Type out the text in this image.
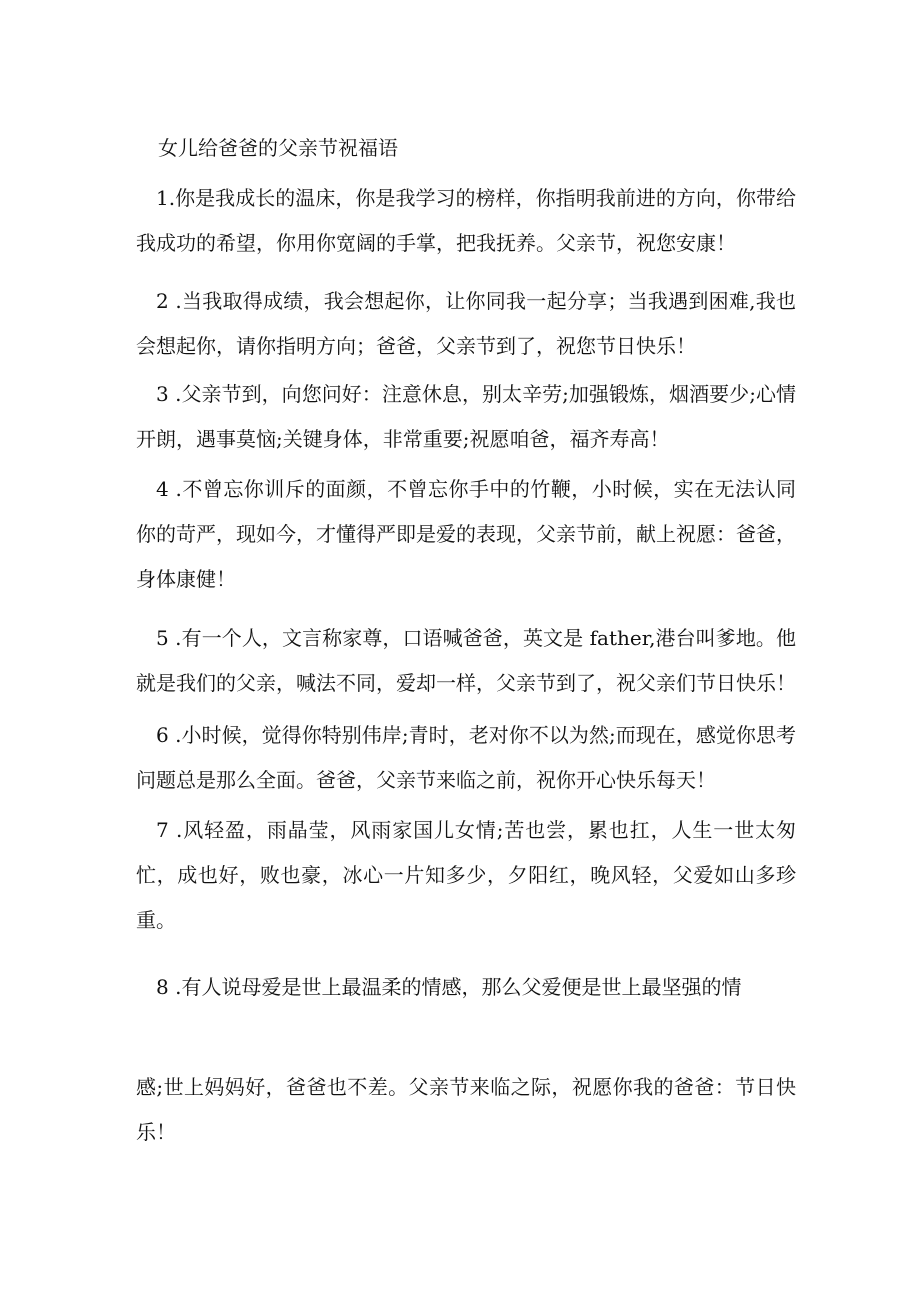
女儿给爸爸的父亲节祝福语

1.你是我成长的温床，你是我学习的榜样，你指明我前进的方向，你带给我成功的希望，你用你宽阔的手掌，把我抚养。父亲节，祝您安康！

2 .当我取得成绩，我会想起你，让你同我一起分享；当我遇到困难,我也会想起你，请你指明方向；爸爸，父亲节到了，祝您节日快乐！

3 .父亲节到，向您问好：注意休息，别太辛劳;加强锻炼，烟酒要少;心情开朗，遇事莫恼;关键身体，非常重要;祝愿咱爸，福齐寿高！

4 .不曾忘你训斥的面颜，不曾忘你手中的竹鞭，小时候，实在无法认同你的苛严，现如今，才懂得严即是爱的表现，父亲节前，献上祝愿：爸爸，身体康健！

5 .有一个人，文言称家尊，口语喊爸爸，英文是 father,港台叫爹地。他就是我们的父亲，喊法不同，爱却一样，父亲节到了，祝父亲们节日快乐！

6 .小时候，觉得你特别伟岸;青时，老对你不以为然;而现在，感觉你思考问题总是那么全面。爸爸，父亲节来临之前，祝你开心快乐每天！

7 .风轻盈，雨晶莹，风雨家国儿女情;苦也尝，累也扛，人生一世太匆忙，成也好，败也豪，冰心一片知多少，夕阳红，晚风轻，父爱如山多珍重。

8 .有人说母爱是世上最温柔的情感，那么父爱便是世上最坚强的情

感;世上妈妈好，爸爸也不差。父亲节来临之际，祝愿你我的爸爸：节日快乐！
